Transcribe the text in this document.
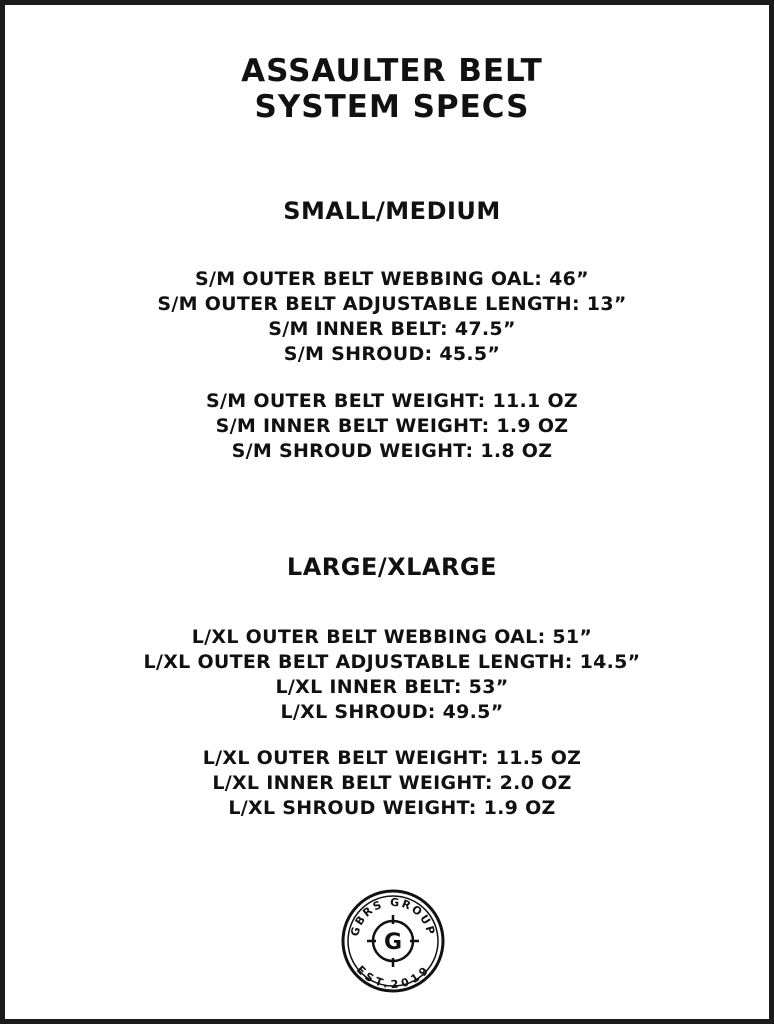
ASSAULTER BELT
SYSTEM SPECS
SMALL/MEDIUM
S/M OUTER BELT WEBBING OAL: 46”
S/M OUTER BELT ADJUSTABLE LENGTH: 13”
S/M INNER BELT: 47.5”
S/M SHROUD: 45.5”
S/M OUTER BELT WEIGHT: 11.1 OZ
S/M INNER BELT WEIGHT: 1.9 OZ
S/M SHROUD WEIGHT: 1.8 OZ
LARGE/XLARGE
L/XL OUTER BELT WEBBING OAL: 51”
L/XL OUTER BELT ADJUSTABLE LENGTH: 14.5”
L/XL INNER BELT: 53”
L/XL SHROUD: 49.5”
L/XL OUTER BELT WEIGHT: 11.5 OZ
L/XL INNER BELT WEIGHT: 2.0 OZ
L/XL SHROUD WEIGHT: 1.9 OZ
GBRS GROUP
EST.2019
G
